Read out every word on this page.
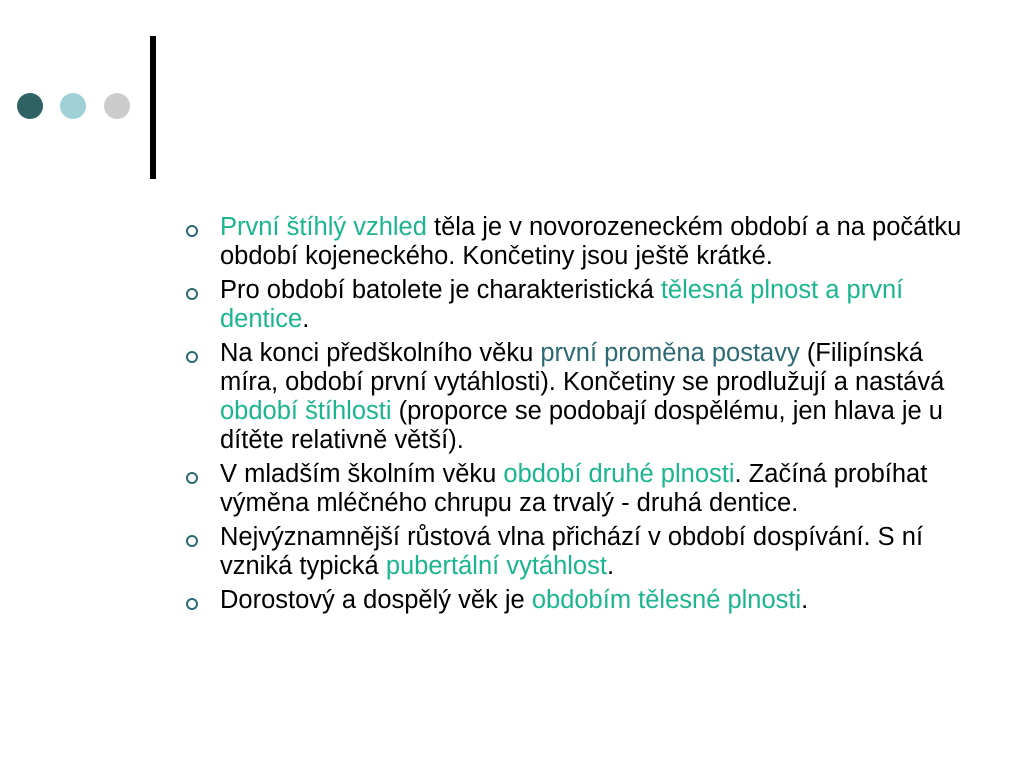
První štíhlý vzhled těla je v novorozeneckém období a na počátku období kojeneckého. Končetiny jsou ještě krátké.
Pro období batolete je charakteristická tělesná plnost a první dentice.
Na konci předškolního věku první proměna postavy (Filipínská míra, období první vytáhlosti). Končetiny se prodlužují a nastává období štíhlosti (proporce se podobají dospělému, jen hlava je u dítěte relativně větší).
V mladším školním věku období druhé plnosti. Začíná probíhat výměna mléčného chrupu za trvalý - druhá dentice.
Nejvýznamnější růstová vlna přichází v období dospívání. S ní vzniká typická pubertální vytáhlost.
Dorostový a dospělý věk je obdobím tělesné plnosti.
